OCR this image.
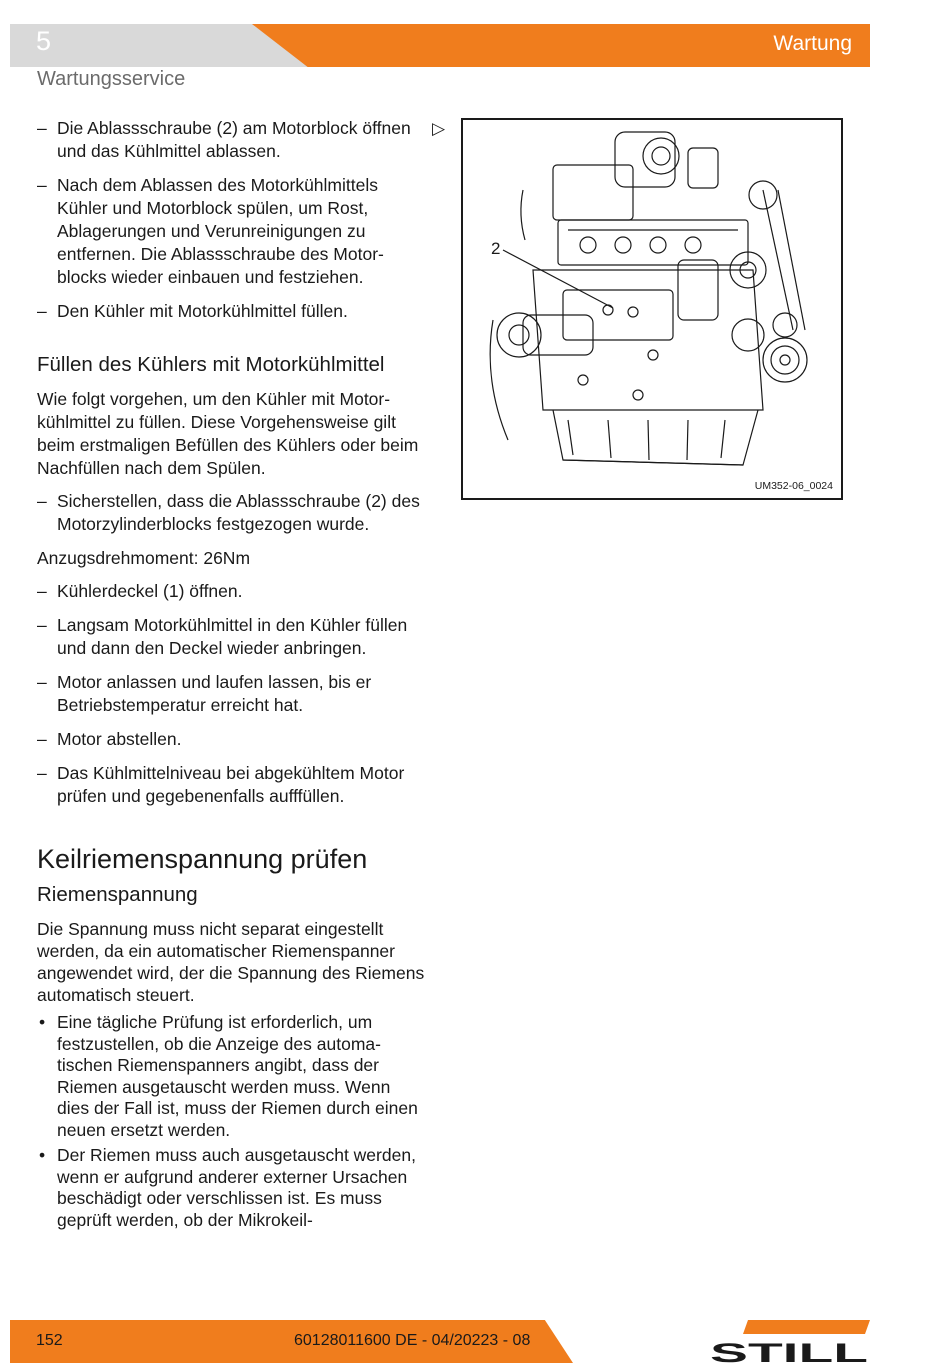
5	Wartung
Wartungsservice
– Die Ablassschraube (2) am Motorblock öffnen und das Kühlmittel ablassen.
– Nach dem Ablassen des Motorkühlmittels Kühler und Motorblock spülen, um Rost, Ablagerungen und Verunreinigungen zu entfernen. Die Ablassschraube des Motorblocks wieder einbauen und festziehen.
– Den Kühler mit Motorkühlmittel füllen.
Füllen des Kühlers mit Motorkühlmittel
Wie folgt vorgehen, um den Kühler mit Motorkühlmittel zu füllen. Diese Vorgehensweise gilt beim erstmaligen Befüllen des Kühlers oder beim Nachfüllen nach dem Spülen.
– Sicherstellen, dass die Ablassschraube (2) des Motorzylinderblocks festgezogen wurde.
Anzugsdrehmoment: 26Nm
– Kühlerdeckel (1) öffnen.
– Langsam Motorkühlmittel in den Kühler füllen und dann den Deckel wieder anbringen.
– Motor anlassen und laufen lassen, bis er Betriebstemperatur erreicht hat.
– Motor abstellen.
– Das Kühlmittelniveau bei abgekühltem Motor prüfen und gegebenenfalls aufffüllen.
Keilriemenspannung prüfen
Riemenspannung
Die Spannung muss nicht separat eingestellt werden, da ein automatischer Riemenspanner angewendet wird, der die Spannung des Riemens automatisch steuert.
• Eine tägliche Prüfung ist erforderlich, um festzustellen, ob die Anzeige des automatischen Riemenspanners angibt, dass der Riemen ausgetauscht werden muss. Wenn dies der Fall ist, muss der Riemen durch einen neuen ersetzt werden.
• Der Riemen muss auch ausgetauscht werden, wenn er aufgrund anderer externer Ursachen beschädigt oder verschlissen ist. Es muss geprüft werden, ob der Mikrokeil-
▷
2
UM352-06_0024
152	60128011600 DE - 04/20223 - 08	STILL
